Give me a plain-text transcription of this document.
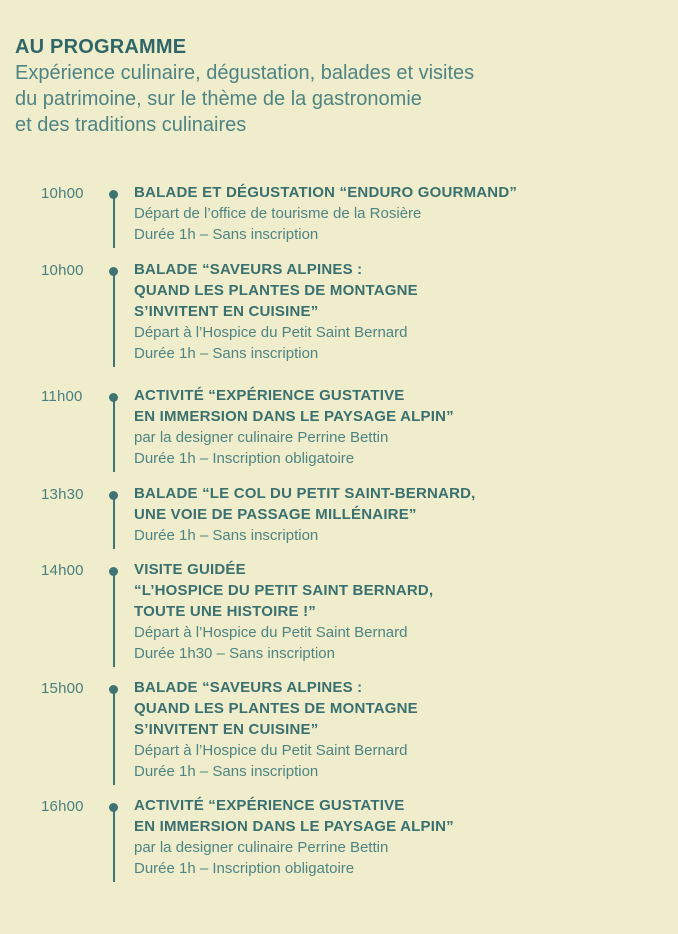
AU PROGRAMME

Expérience culinaire, dégustation, balades et visites
du patrimoine, sur le thème de la gastronomie
et des traditions culinaires

10h00	BALADE ET DÉGUSTATION “ENDURO GOURMAND”
Départ de l’office de tourisme de la Rosière
Durée 1h – Sans inscription
10h00	BALADE “SAVEURS ALPINES :
QUAND LES PLANTES DE MONTAGNE
S’INVITENT EN CUISINE”
Départ à l’Hospice du Petit Saint Bernard
Durée 1h – Sans inscription
11h00	ACTIVITÉ “EXPÉRIENCE GUSTATIVE
EN IMMERSION DANS LE PAYSAGE ALPIN”
par la designer culinaire Perrine Bettin
Durée 1h – Inscription obligatoire
13h30	BALADE “LE COL DU PETIT SAINT-BERNARD,
UNE VOIE DE PASSAGE MILLÉNAIRE”
Durée 1h – Sans inscription
14h00	VISITE GUIDÉE
“L’HOSPICE DU PETIT SAINT BERNARD,
TOUTE UNE HISTOIRE !”
Départ à l’Hospice du Petit Saint Bernard
Durée 1h30 – Sans inscription
15h00	BALADE “SAVEURS ALPINES :
QUAND LES PLANTES DE MONTAGNE
S’INVITENT EN CUISINE”
Départ à l’Hospice du Petit Saint Bernard
Durée 1h – Sans inscription
16h00	ACTIVITÉ “EXPÉRIENCE GUSTATIVE
EN IMMERSION DANS LE PAYSAGE ALPIN”
par la designer culinaire Perrine Bettin
Durée 1h – Inscription obligatoire
